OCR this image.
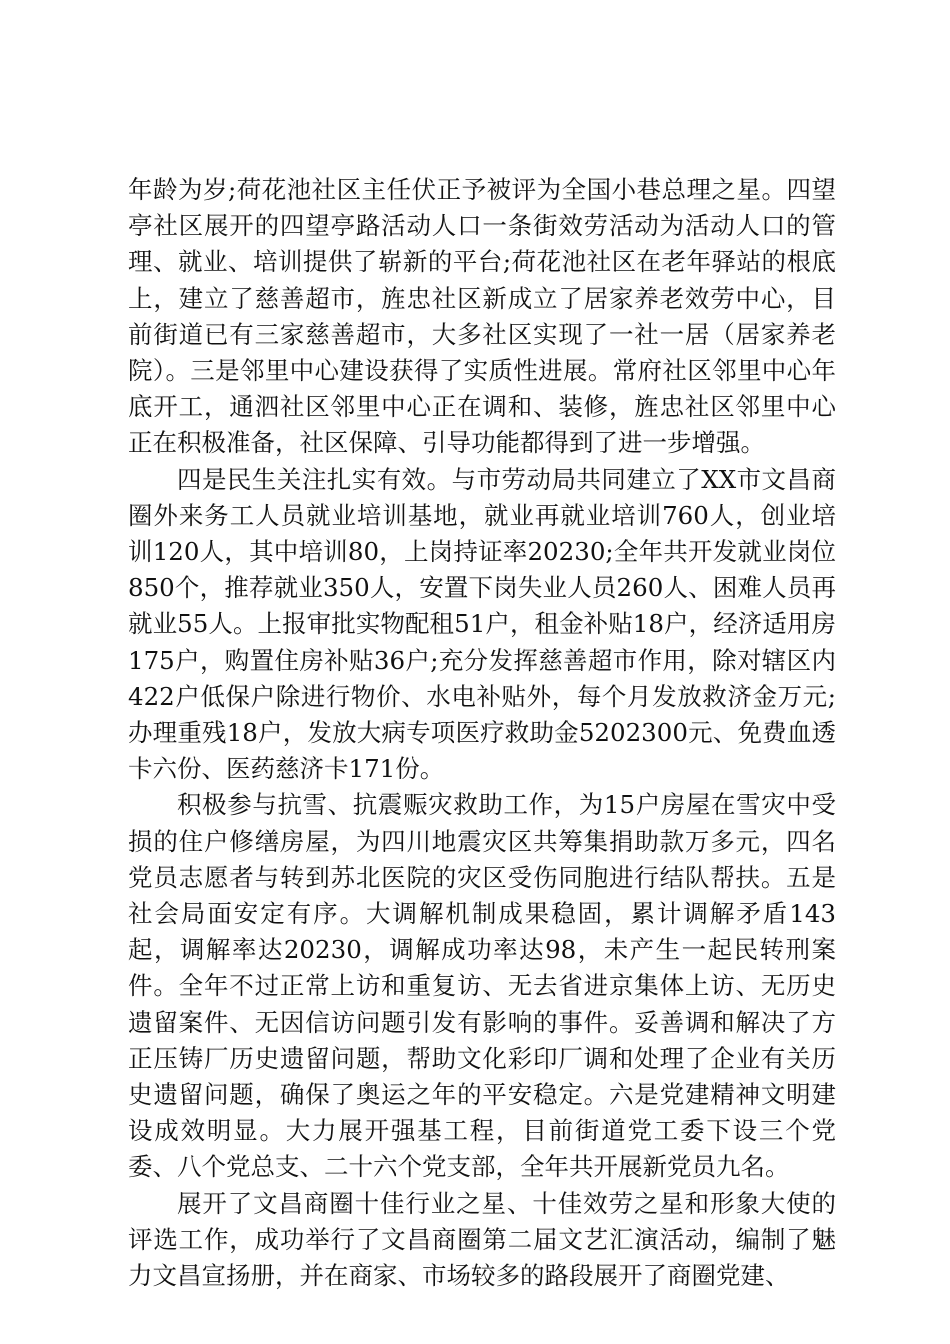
年龄为岁;荷花池社区主任伏正予被评为全国小巷总理之星。四望亭社区展开的四望亭路活动人口一条街效劳活动为活动人口的管理、就业、培训提供了崭新的平台;荷花池社区在老年驿站的根底上，建立了慈善超市，旌忠社区新成立了居家养老效劳中心，目前街道已有三家慈善超市，大多社区实现了一社一居（居家养老院）。三是邻里中心建设获得了实质性进展。常府社区邻里中心年底开工，通泗社区邻里中心正在调和、装修，旌忠社区邻里中心正在积极准备，社区保障、引导功能都得到了进一步增强。

四是民生关注扎实有效。与市劳动局共同建立了XX市文昌商圈外来务工人员就业培训基地，就业再就业培训760人，创业培训120人，其中培训80，上岗持证率20230;全年共开发就业岗位850个，推荐就业350人，安置下岗失业人员260人、困难人员再就业55人。上报审批实物配租51户，租金补贴18户，经济适用房175户，购置住房补贴36户;充分发挥慈善超市作用，除对辖区内422户低保户除进行物价、水电补贴外，每个月发放救济金万元;办理重残18户，发放大病专项医疗救助金5202300元、免费血透卡六份、医药慈济卡171份。

积极参与抗雪、抗震赈灾救助工作，为15户房屋在雪灾中受损的住户修缮房屋，为四川地震灾区共筹集捐助款万多元，四名党员志愿者与转到苏北医院的灾区受伤同胞进行结队帮扶。五是社会局面安定有序。大调解机制成果稳固，累计调解矛盾143起，调解率达20230，调解成功率达98，未产生一起民转刑案件。全年不过正常上访和重复访、无去省进京集体上访、无历史遗留案件、无因信访问题引发有影响的事件。妥善调和解决了方正压铸厂历史遗留问题，帮助文化彩印厂调和处理了企业有关历史遗留问题，确保了奥运之年的平安稳定。六是党建精神文明建设成效明显。大力展开强基工程，目前街道党工委下设三个党委、八个党总支、二十六个党支部，全年共开展新党员九名。

展开了文昌商圈十佳行业之星、十佳效劳之星和形象大使的评选工作，成功举行了文昌商圈第二届文艺汇演活动，编制了魅力文昌宣扬册，并在商家、市场较多的路段展开了商圈党建、
